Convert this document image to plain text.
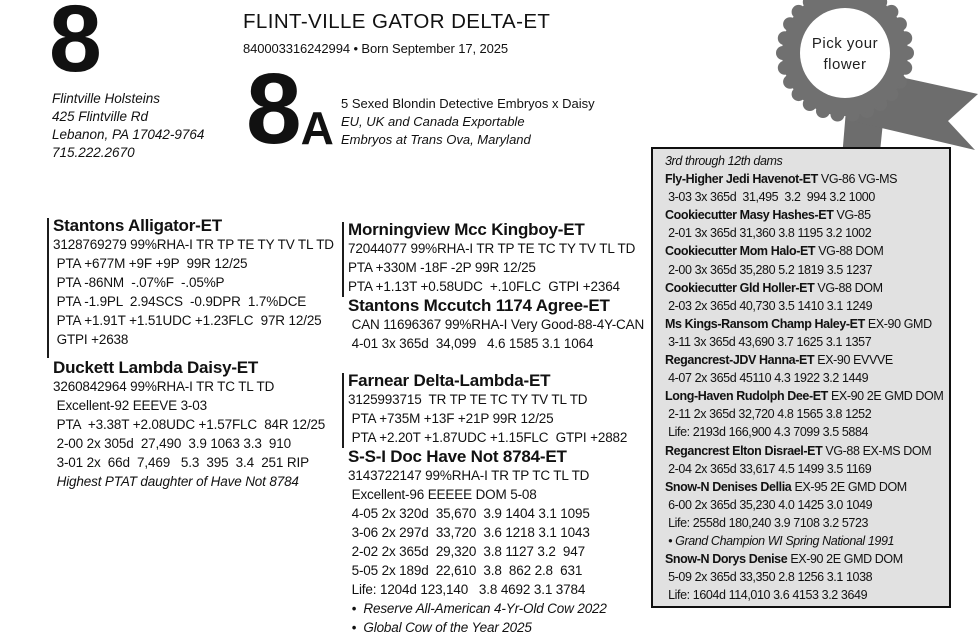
8
Flintville Holsteins
425 Flintville Rd
Lebanon, PA 17042-9764
715.222.2670
FLINT-VILLE GATOR DELTA-ET
840003316242994 • Born September 17, 2025
8 A 5 Sexed Blondin Detective Embryos x Daisy
EU, UK and Canada Exportable
Embryos at Trans Ova, Maryland
Pick your
flower
Stantons Alligator-ET
3128769279 99%RHA-I TR TP TE TY TV TL TD
PTA +677M +9F +9P  99R 12/25
PTA -86NM  -.07%F  -.05%P
PTA -1.9PL  2.94SCS  -0.9DPR  1.7%DCE
PTA +1.91T +1.51UDC +1.23FLC  97R 12/25
GTPI +2638
Duckett Lambda Daisy-ET
3260842964 99%RHA-I TR TC TL TD
Excellent-92 EEEVE 3-03
PTA  +3.38T +2.08UDC +1.57FLC  84R 12/25
2-00 2x 305d  27,490  3.9 1063 3.3  910
3-01 2x  66d  7,469   5.3  395  3.4  251 RIP
Highest PTAT daughter of Have Not 8784
Morningview Mcc Kingboy-ET
72044077 99%RHA-I TR TP TE TC TY TV TL TD
PTA +330M -18F -2P 99R 12/25
PTA +1.13T +0.58UDC  +.10FLC  GTPI +2364
Stantons Mccutch 1174 Agree-ET
CAN 11696367 99%RHA-I Very Good-88-4Y-CAN
4-01 3x 365d  34,099   4.6 1585 3.1 1064
Farnear Delta-Lambda-ET
3125993715  TR TP TE TC TY TV TL TD
PTA +735M +13F +21P 99R 12/25
PTA +2.20T +1.87UDC +1.15FLC  GTPI +2882
S-S-I Doc Have Not 8784-ET
3143722147 99%RHA-I TR TP TC TL TD
Excellent-96 EEEEE DOM 5-08
4-05 2x 320d  35,670  3.9 1404 3.1 1095
3-06 2x 297d  33,720  3.6 1218 3.1 1043
2-02 2x 365d  29,320  3.8 1127 3.2  947
5-05 2x 189d  22,610  3.8  862 2.8  631
Life: 1204d 123,140   3.8 4692 3.1 3784
•  Reserve All-American 4-Yr-Old Cow 2022
•  Global Cow of the Year 2025
3rd through 12th dams
Fly-Higher Jedi Havenot-ET VG-86 VG-MS
3-03 3x 365d  31,495  3.2  994 3.2 1000
Cookiecutter Masy Hashes-ET VG-85
2-01 3x 365d 31,360 3.8 1195 3.2 1002
Cookiecutter Mom Halo-ET VG-88 DOM
2-00 3x 365d 35,280 5.2 1819 3.5 1237
Cookiecutter Gld Holler-ET VG-88 DOM
2-03 2x 365d 40,730 3.5 1410 3.1 1249
Ms Kings-Ransom Champ Haley-ET EX-90 GMD
3-11 3x 365d 43,690 3.7 1625 3.1 1357
Regancrest-JDV Hanna-ET EX-90 EVVVE
4-07 2x 365d 45110 4.3 1922 3.2 1449
Long-Haven Rudolph Dee-ET EX-90 2E GMD DOM
2-11 2x 365d 32,720 4.8 1565 3.8 1252
Life: 2193d 166,900 4.3 7099 3.5 5884
Regancrest Elton Disrael-ET VG-88 EX-MS DOM
2-04 2x 365d 33,617 4.5 1499 3.5 1169
Snow-N Denises Dellia EX-95 2E GMD DOM
6-00 2x 365d 35,230 4.0 1425 3.0 1049
Life: 2558d 180,240 3.9 7108 3.2 5723
• Grand Champion WI Spring National 1991
Snow-N Dorys Denise EX-90 2E GMD DOM
5-09 2x 365d 33,350 2.8 1256 3.1 1038
Life: 1604d 114,010 3.6 4153 3.2 3649
